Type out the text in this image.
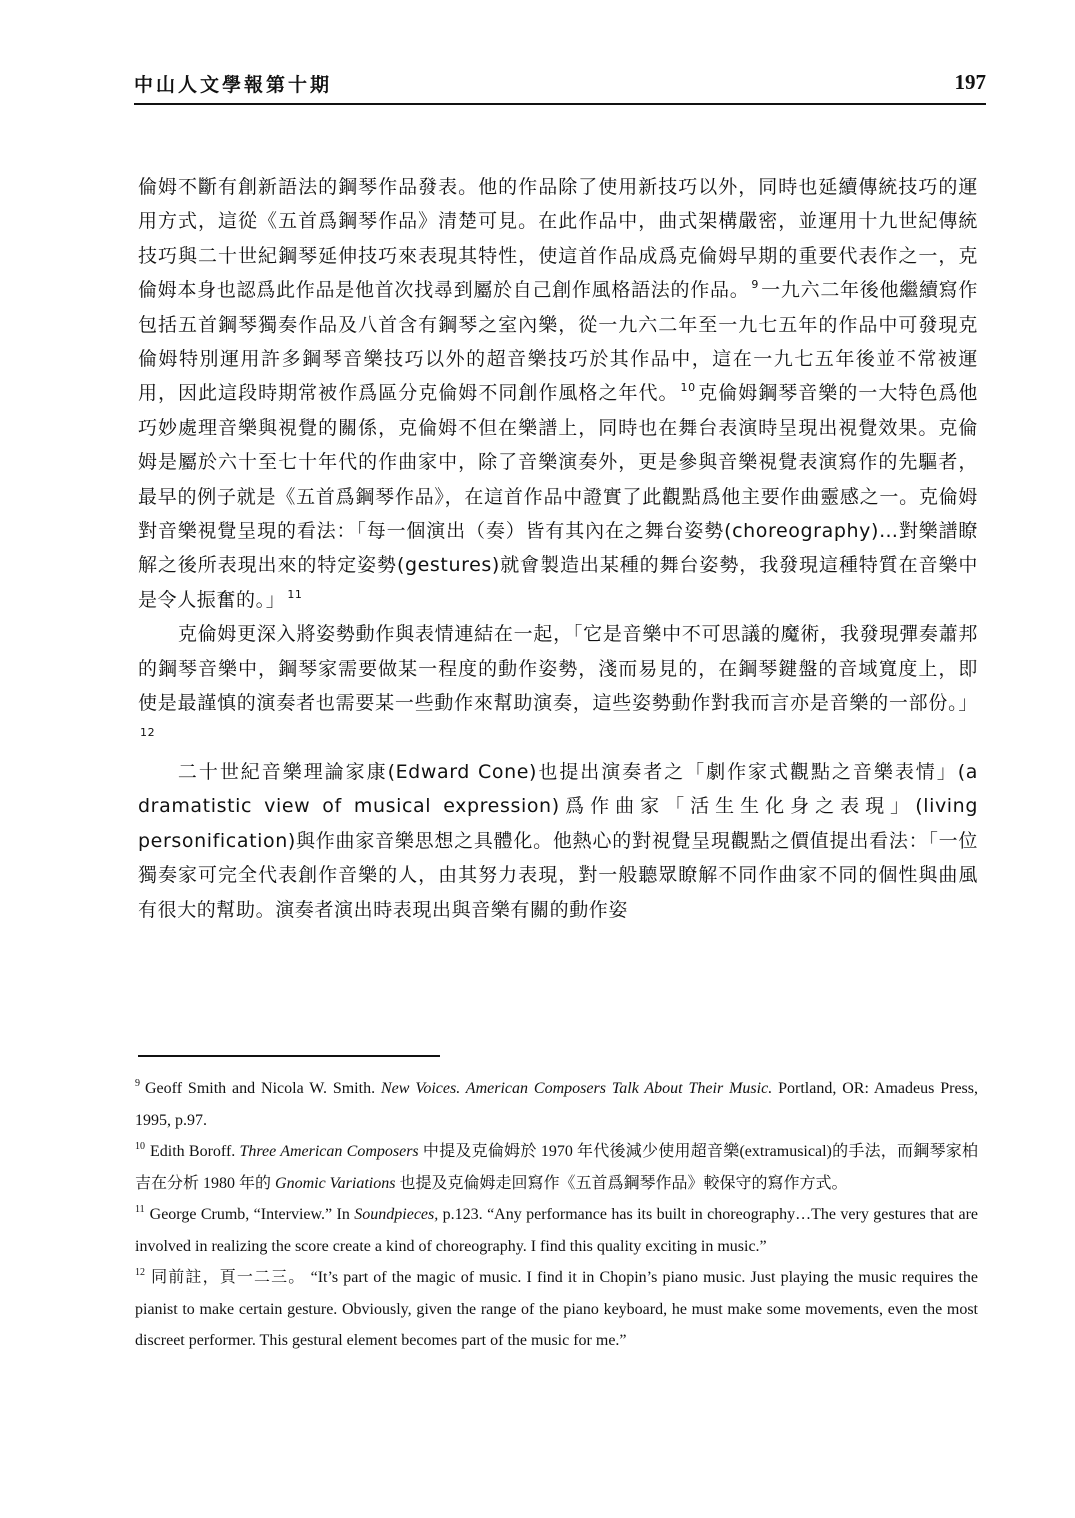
中山人文學報第十期	197

倫姆不斷有創新語法的鋼琴作品發表。他的作品除了使用新技巧以外，同時也延續傳統技巧的運用方式，這從《五首爲鋼琴作品》清楚可見。在此作品中，曲式架構嚴密，並運用十九世紀傳統技巧與二十世紀鋼琴延伸技巧來表現其特性，使這首作品成爲克倫姆早期的重要代表作之一，克倫姆本身也認爲此作品是他首次找尋到屬於自己創作風格語法的作品。 $^9$ 一九六二年後他繼續寫作包括五首鋼琴獨奏作品及八首含有鋼琴之室內樂，從一九六二年至一九七五年的作品中可發現克倫姆特別運用許多鋼琴音樂技巧以外的超音樂技巧於其作品中，這在一九七五年後並不常被運用，因此這段時期常被作爲區分克倫姆不同創作風格之年代。 $^{10}$ 克倫姆鋼琴音樂的一大特色爲他巧妙處理音樂與視覺的關係，克倫姆不但在樂譜上，同時也在舞台表演時呈現出視覺效果。克倫姆是屬於六十至七十年代的作曲家中，除了音樂演奏外，更是參與音樂視覺表演寫作的先驅者，最早的例子就是《五首爲鋼琴作品》，在這首作品中證實了此觀點爲他主要作曲靈感之一。克倫姆對音樂視覺呈現的看法：「每一個演出（奏）皆有其內在之舞台姿勢(choreography)…對樂譜瞭解之後所表現出來的特定姿勢(gestures)就會製造出某種的舞台姿勢，我發現這種特質在音樂中是令人振奮的。」 $^{11}$

克倫姆更深入將姿勢動作與表情連結在一起，「它是音樂中不可思議的魔術，我發現彈奏蕭邦的鋼琴音樂中，鋼琴家需要做某一程度的動作姿勢，淺而易見的，在鋼琴鍵盤的音域寬度上，即使是最謹慎的演奏者也需要某一些動作來幫助演奏，這些姿勢動作對我而言亦是音樂的一部份。」$^{12}$

二十世紀音樂理論家康(Edward Cone)也提出演奏者之「劇作家式觀點之音樂表情」(a dramatistic view of musical expression)爲作曲家「活生生化身之表現」(living personification)與作曲家音樂思想之具體化。他熱心的對視覺呈現觀點之價值提出看法：「一位獨奏家可完全代表創作音樂的人，由其努力表現，對一般聽眾瞭解不同作曲家不同的個性與曲風有很大的幫助。演奏者演出時表現出與音樂有關的動作姿

$^9$ Geoff Smith and Nicola W. Smith. New Voices. American Composers Talk About Their Music. Portland, OR: Amadeus Press, 1995, p.97.

$^{10}$ Edith Boroff. Three American Composers 中提及克倫姆於 1970 年代後減少使用超音樂(extramusical)的手法，而鋼琴家柏吉在分析 1980 年的 Gnomic Variations 也提及克倫姆走回寫作《五首爲鋼琴作品》較保守的寫作方式。

$^{11}$ George Crumb, “Interview.” In Soundpieces, p.123. “Any performance has its built in choreography…The very gestures that are involved in realizing the score create a kind of choreography. I find this quality exciting in music.”

$^{12}$ 同前註，頁一二三。 “It’s part of the magic of music. I find it in Chopin’s piano music. Just playing the music requires the pianist to make certain gesture. Obviously, given the range of the piano keyboard, he must make some movements, even the most discreet performer. This gestural element becomes part of the music for me.”
